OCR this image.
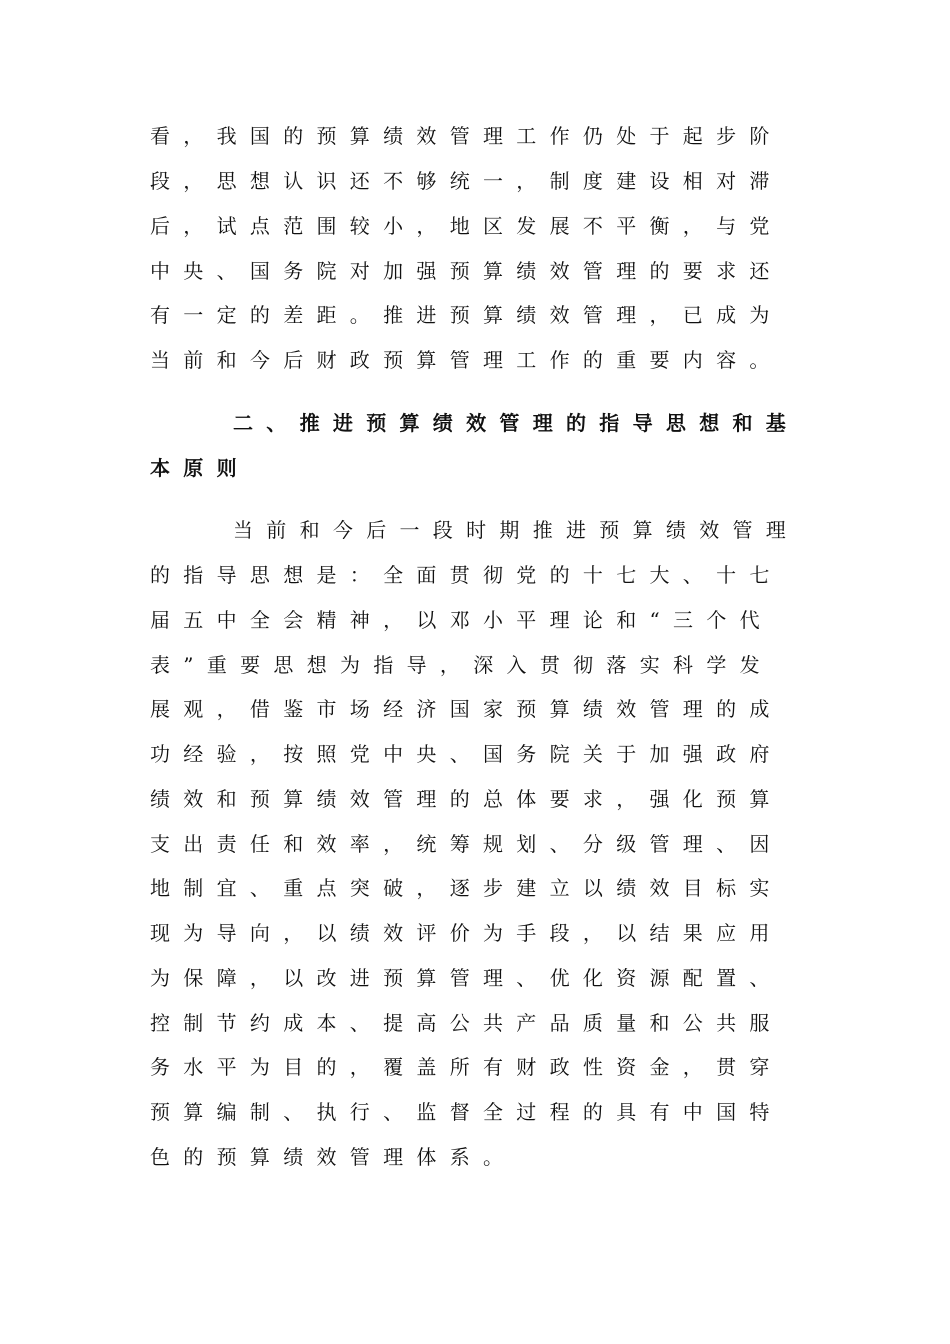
看，我国的预算绩效管理工作仍处于起步阶

段，思想认识还不够统一，制度建设相对滞

后，试点范围较小，地区发展不平衡，与党

中央、国务院对加强预算绩效管理的要求还

有一定的差距。推进预算绩效管理，已成为

当前和今后财政预算管理工作的重要内容。

二、推进预算绩效管理的指导思想和基

本原则

当前和今后一段时期推进预算绩效管理

的指导思想是：全面贯彻党的十七大、十七

届五中全会精神，以邓小平理论和“三个代

表”重要思想为指导，深入贯彻落实科学发

展观，借鉴市场经济国家预算绩效管理的成

功经验，按照党中央、国务院关于加强政府

绩效和预算绩效管理的总体要求，强化预算

支出责任和效率，统筹规划、分级管理、因

地制宜、重点突破，逐步建立以绩效目标实

现为导向，以绩效评价为手段，以结果应用

为保障，以改进预算管理、优化资源配置、

控制节约成本、提高公共产品质量和公共服

务水平为目的，覆盖所有财政性资金，贯穿

预算编制、执行、监督全过程的具有中国特

色的预算绩效管理体系。
